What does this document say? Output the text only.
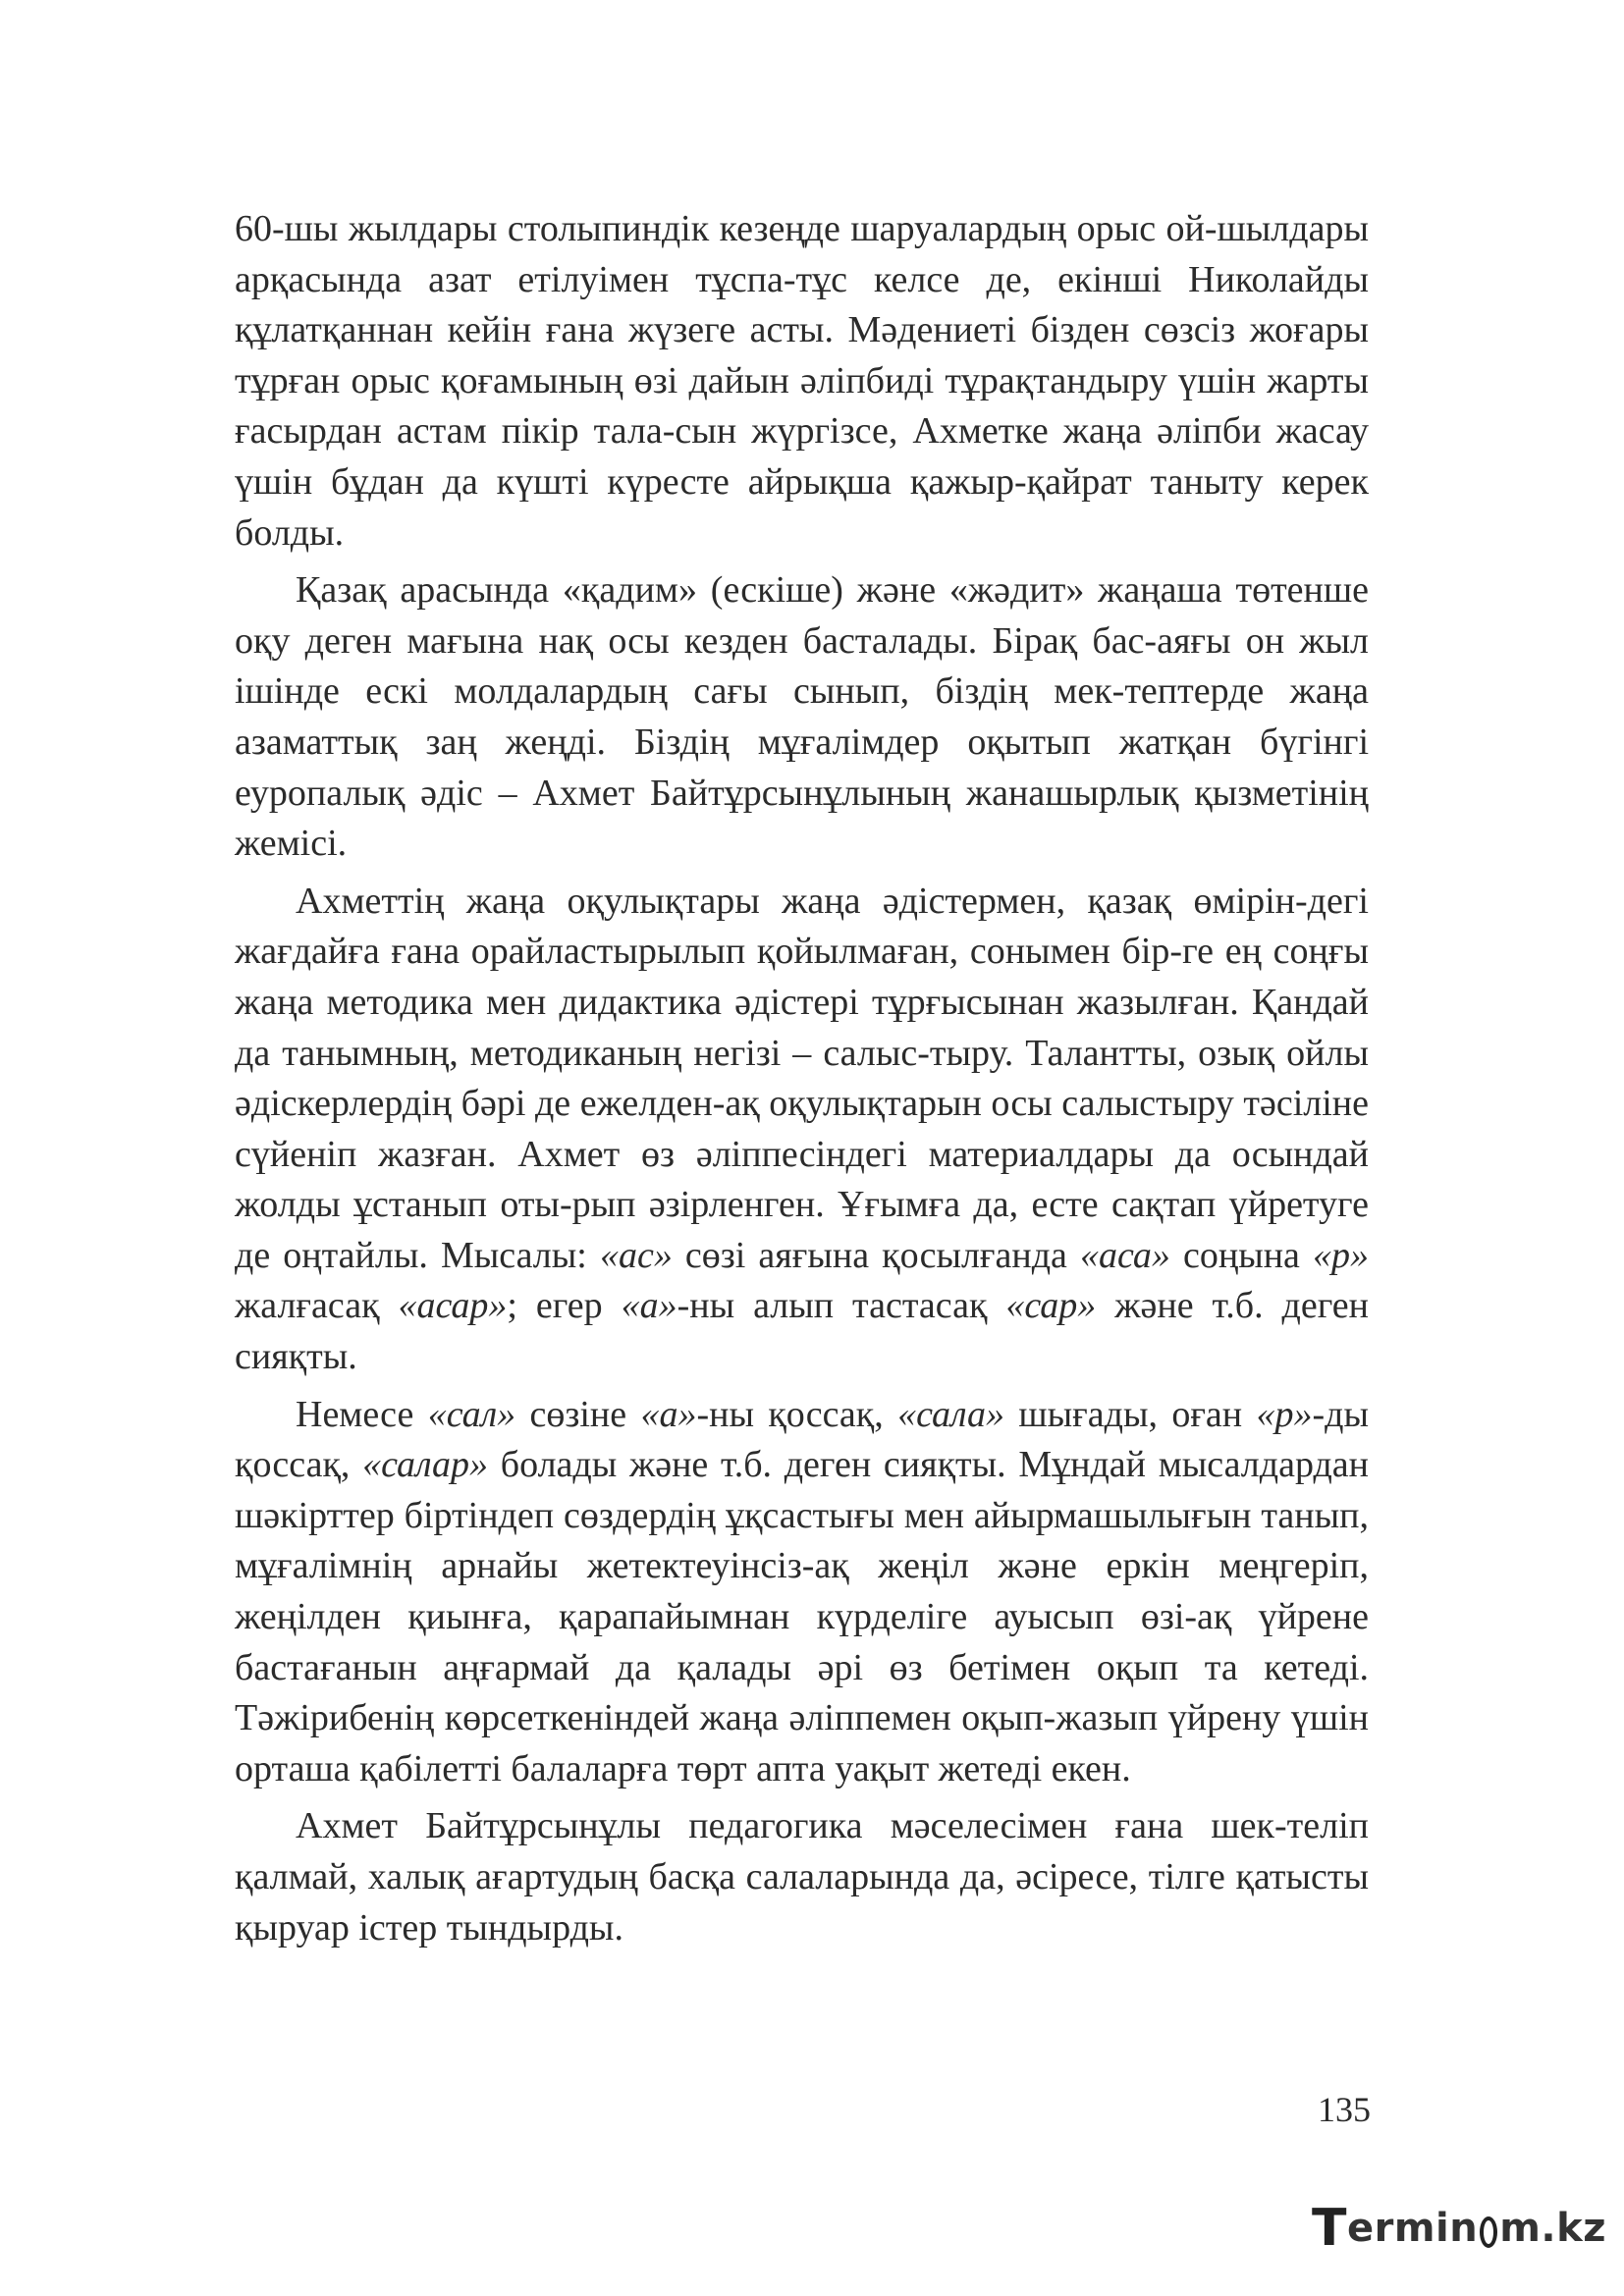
60-шы жылдары столыпиндік кезеңде шаруалардың орыс ой-шылдары арқасында азат етілуімен тұспа-тұс келсе де, екінші Николайды құлатқаннан кейін ғана жүзеге асты. Мәдениеті бізден сөзсіз жоғары тұрған орыс қоғамының өзі дайын әліпбиді тұрақтандыру үшін жарты ғасырдан астам пікір тала-сын жүргізсе, Ахметке жаңа әліпби жасау үшін бұдан да күшті күресте айрықша қажыр-қайрат таныту керек болды.

Қазақ арасында «қадим» (ескіше) және «жәдит» жаңаша төтенше оқу деген мағына нақ осы кезден басталады. Бірақ бас-аяғы он жыл ішінде ескі молдалардың сағы сынып, біздің мек-тептерде жаңа азаматтық заң жеңді. Біздің мұғалімдер оқытып жатқан бүгінгі еуропалық әдіс – Ахмет Байтұрсынұлының жанашырлық қызметінің жемісі.

Ахметтің жаңа оқулықтары жаңа әдістермен, қазақ өмірін-дегі жағдайға ғана орайластырылып қойылмаған, сонымен бір-ге ең соңғы жаңа методика мен дидактика әдістері тұрғысынан жазылған. Қандай да танымның, методиканың негізі – салыс-тыру. Талантты, озық ойлы әдіскерлердің бәрі де ежелден-ақ оқулықтарын осы салыстыру тәсіліне сүйеніп жазған. Ахмет өз әліппесіндегі материалдары да осындай жолды ұстанып оты-рып әзірленген. Ұғымға да, есте сақтап үйретуге де оңтайлы. Мысалы: «ас» сөзі аяғына қосылғанда «аса» соңына «р» жалғасақ «асар»; егер «а»-ны алып тастасақ «сар» және т.б. деген сияқты.

Немесе «сал» сөзіне «а»-ны қоссақ, «сала» шығады, оған «р»-ды қоссақ, «салар» болады және т.б. деген сияқты. Мұндай мысалдардан шәкірттер біртіндеп сөздердің ұқсастығы мен айырмашылығын танып, мұғалімнің арнайы жетектеуінсіз-ақ жеңіл және еркін меңгеріп, жеңілден қиынға, қарапайымнан күрделіге ауысып өзі-ақ үйрене бастағанын аңғармай да қалады әрі өз бетімен оқып та кетеді. Тәжірибенің көрсеткеніндей жаңа әліппемен оқып-жазып үйрену үшін орташа қабілетті балаларға төрт апта уақыт жетеді екен.

Ахмет Байтұрсынұлы педагогика мәселесімен ғана шек-теліп қалмай, халық ағартудың басқа салаларында да, әсіресе, тілге қатысты қыруар істер тындырды.

135
T ermin m.kz
